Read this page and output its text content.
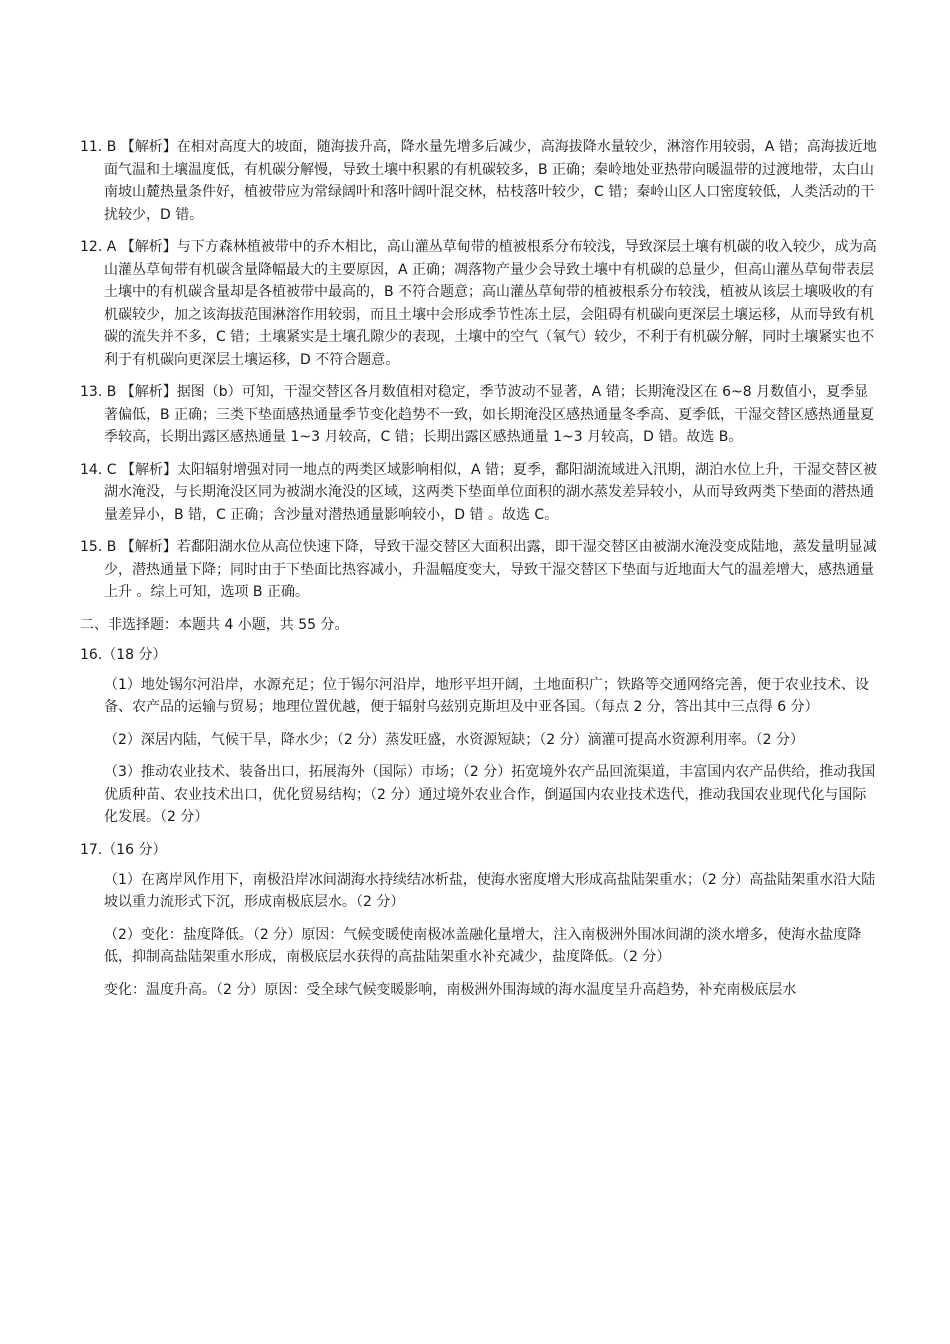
11. B 【解析】在相对高度大的坡面，随海拔升高，降水量先增多后减少，高海拔降水量较少，淋溶作用较弱，A 错；高海拔近地面气温和土壤温度低，有机碳分解慢，导致土壤中积累的有机碳较多，B 正确；秦岭地处亚热带向暖温带的过渡地带，太白山南坡山麓热量条件好，植被带应为常绿阔叶和落叶阔叶混交林，枯枝落叶较少，C 错；秦岭山区人口密度较低，人类活动的干扰较少，D 错。
12. A 【解析】与下方森林植被带中的乔木相比，高山灌丛草甸带的植被根系分布较浅，导致深层土壤有机碳的收入较少，成为高山灌丛草甸带有机碳含量降幅最大的主要原因，A 正确；凋落物产量少会导致土壤中有机碳的总量少，但高山灌丛草甸带表层土壤中的有机碳含量却是各植被带中最高的，B 不符合题意；高山灌丛草甸带的植被根系分布较浅，植被从该层土壤吸收的有机碳较少，加之该海拔范围淋溶作用较弱，而且土壤中会形成季节性冻土层，会阻碍有机碳向更深层土壤运移，从而导致有机碳的流失并不多，C 错；土壤紧实是土壤孔隙少的表现，土壤中的空气（氧气）较少，不利于有机碳分解，同时土壤紧实也不利于有机碳向更深层土壤运移，D 不符合题意。
13. B 【解析】据图（b）可知，干湿交替区各月数值相对稳定，季节波动不显著，A 错；长期淹没区在 6~8 月数值小，夏季显著偏低，B 正确；三类下垫面感热通量季节变化趋势不一致，如长期淹没区感热通量冬季高、夏季低，干湿交替区感热通量夏季较高，长期出露区感热通量 1~3 月较高，C 错；长期出露区感热通量 1~3 月较高，D 错。故选 B。
14. C 【解析】太阳辐射增强对同一地点的两类区域影响相似，A 错；夏季，鄱阳湖流域进入汛期，湖泊水位上升，干湿交替区被湖水淹没，与长期淹没区同为被湖水淹没的区域，这两类下垫面单位面积的湖水蒸发差异较小，从而导致两类下垫面的潜热通量差异小，B 错，C 正确；含沙量对潜热通量影响较小，D 错 。故选 C。
15. B 【解析】若鄱阳湖水位从高位快速下降，导致干湿交替区大面积出露，即干湿交替区由被湖水淹没变成陆地，蒸发量明显减少，潜热通量下降；同时由于下垫面比热容减小，升温幅度变大，导致干湿交替区下垫面与近地面大气的温差增大，感热通量上升 。综上可知，选项 B 正确。
二、非选择题：本题共 4 小题，共 55 分。
16.（18 分）
（1）地处锡尔河沿岸，水源充足；位于锡尔河沿岸，地形平坦开阔，土地面积广；铁路等交通网络完善，便于农业技术、设备、农产品的运输与贸易；地理位置优越，便于辐射乌兹别克斯坦及中亚各国。（每点 2 分，答出其中三点得 6 分）
（2）深居内陆，气候干旱，降水少；（2 分）蒸发旺盛，水资源短缺；（2 分）滴灌可提高水资源利用率。（2 分）
（3）推动农业技术、装备出口，拓展海外（国际）市场；（2 分）拓宽境外农产品回流渠道，丰富国内农产品供给，推动我国优质种苗、农业技术出口，优化贸易结构；（2 分）通过境外农业合作，倒逼国内农业技术迭代，推动我国农业现代化与国际化发展。（2 分）
17.（16 分）
（1）在离岸风作用下，南极沿岸冰间湖海水持续结冰析盐，使海水密度增大形成高盐陆架重水；（2 分）高盐陆架重水沿大陆坡以重力流形式下沉，形成南极底层水。（2 分）
（2）变化：盐度降低。（2 分）原因：气候变暖使南极冰盖融化量增大，注入南极洲外围冰间湖的淡水增多，使海水盐度降低，抑制高盐陆架重水形成，南极底层水获得的高盐陆架重水补充减少，盐度降低。（2 分）
变化：温度升高。（2 分）原因：受全球气候变暖影响，南极洲外围海域的海水温度呈升高趋势，补充南极底层水
